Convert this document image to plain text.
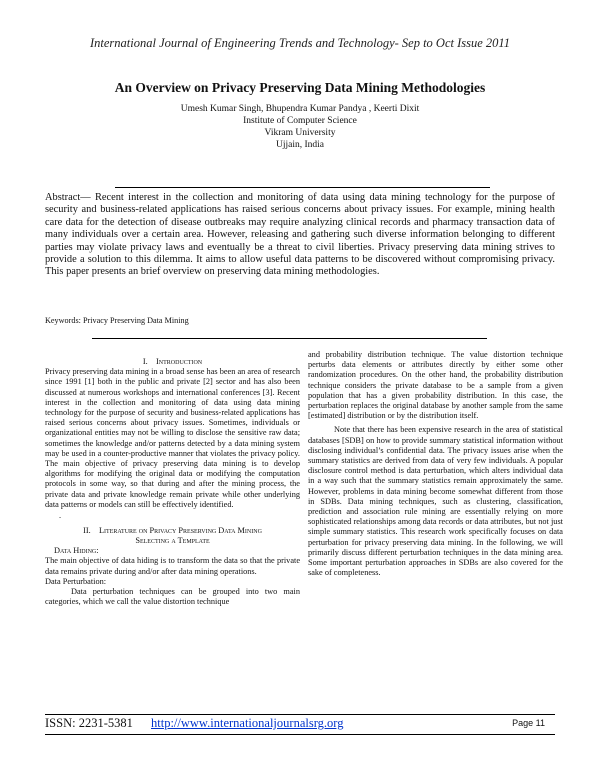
International Journal of Engineering Trends and Technology- Sep to Oct Issue 2011
An Overview on Privacy Preserving Data Mining Methodologies
Umesh Kumar Singh, Bhupendra Kumar Pandya , Keerti Dixit
Institute of Computer Science
Vikram University
Ujjain, India
Abstract— Recent interest in the collection and monitoring of data using data mining technology for the purpose of security and business-related applications has raised serious concerns about privacy issues. For example, mining health care data for the detection of disease outbreaks may require analyzing clinical records and pharmacy transaction data of many individuals over a certain area. However, releasing and gathering such diverse information belonging to different parties may violate privacy laws and eventually be a threat to civil liberties. Privacy preserving data mining strives to provide a solution to this dilemma. It aims to allow useful data patterns to be discovered without compromising privacy. This paper presents an brief overview on preserving data mining methodologies.
Keywords: Privacy Preserving Data Mining

I. Introduction

Privacy preserving data mining in a broad sense has been an area of research since 1991 [1] both in the public and private [2] sector and has also been discussed at numerous workshops and international conferences [3]. Recent interest in the collection and monitoring of data using data mining technology for the purpose of security and business-related applications has raised serious concerns about privacy issues. Sometimes, individuals or organizational entities may not be willing to disclose the sensitive raw data; sometimes the knowledge and/or patterns detected by a data mining system may be used in a counter-productive manner that violates the privacy policy. The main objective of privacy preserving data mining is to develop algorithms for modifying the original data or modifying the computation protocols in some way, so that during and after the mining process, the private data and private knowledge remain private while other underlying data patterns or models can still be effectively identified.

.

II. Literature on Privacy Preserving Data Mining
Selecting a Template

Data Hiding:

The main objective of data hiding is to transform the data so that the private data remains private during and/or after data mining operations.

Data Perturbation:

Data perturbation techniques can be grouped into two main categories, which we call the value distortion technique

and probability distribution technique. The value distortion technique perturbs data elements or attributes directly by either some other randomization procedures. On the other hand, the probability distribution technique considers the private database to be a sample from a given population that has a given probability distribution. In this case, the perturbation replaces the original database by another sample from the same [estimated] distribution or by the distribution itself.

Note that there has been expensive research in the area of statistical databases [SDB] on how to provide summary statistical information without disclosing individual’s confidential data. The privacy issues arise when the summary statistics are derived from data of very few individuals. A popular disclosure control method is data perturbation, which alters individual data in a way such that the summary statistics remain approximately the same. However, problems in data mining become somewhat different from those in SDBs. Data mining techniques, such as clustering, classification, prediction and association rule mining are essentially relying on more sophisticated relationships among data records or data attributes, but not just simple summary statistics. This research work specifically focuses on data perturbation for privacy preserving data mining. In the following, we will primarily discuss different perturbation techniques in the data mining area. Some important perturbation approaches in SDBs are also covered for the sake of completeness.

ISSN: 2231-5381 http://www.internationaljournalsrg.org	Page 11
